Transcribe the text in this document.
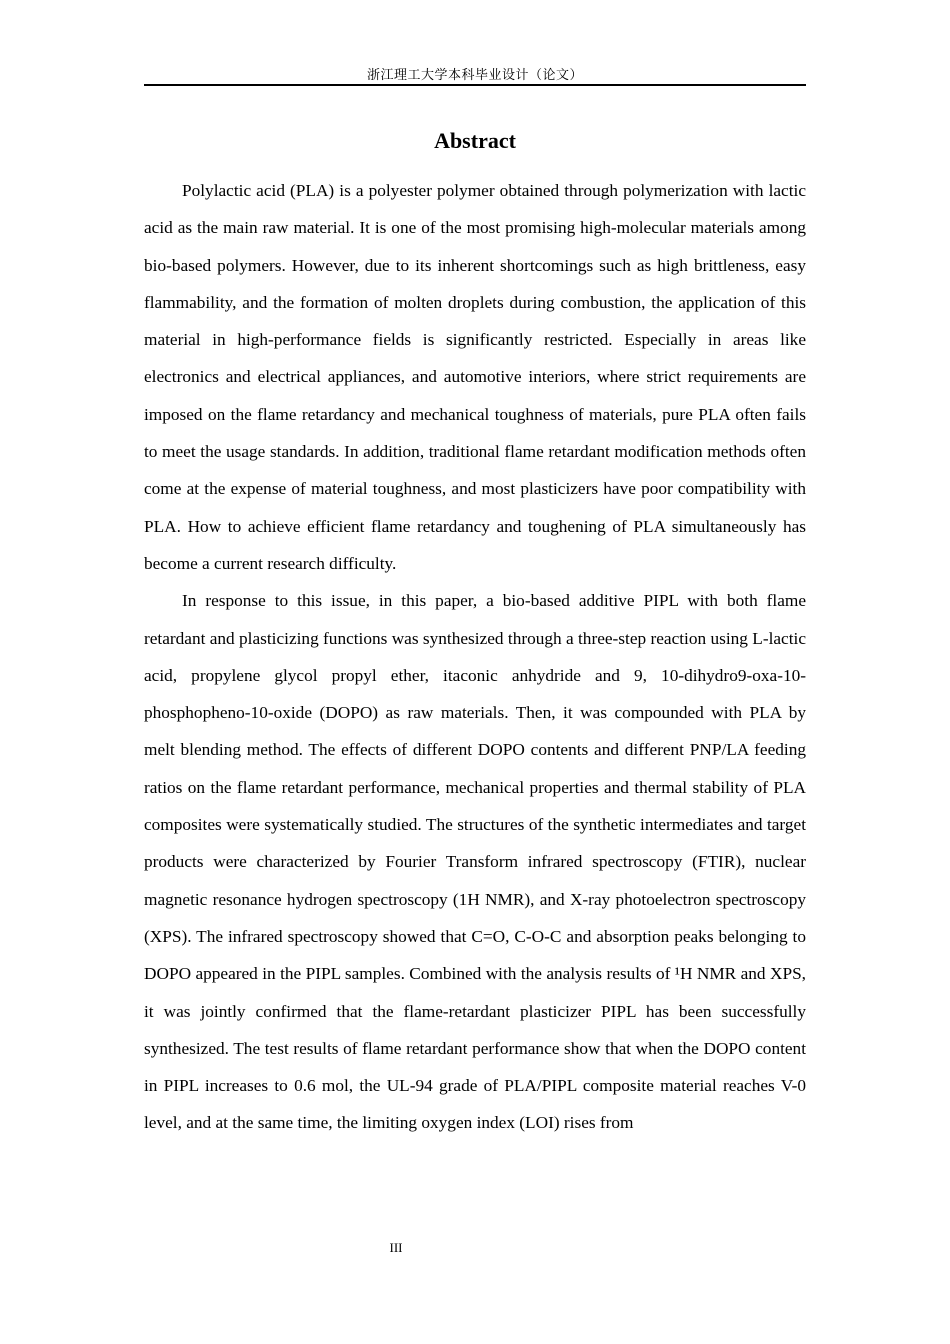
浙江理工大学本科毕业设计（论文）
Abstract

Polylactic acid (PLA) is a polyester polymer obtained through polymerization with lactic acid as the main raw material. It is one of the most promising high-molecular materials among bio-based polymers. However, due to its inherent shortcomings such as high brittleness, easy flammability, and the formation of molten droplets during combustion, the application of this material in high-performance fields is significantly restricted. Especially in areas like electronics and electrical appliances, and automotive interiors, where strict requirements are imposed on the flame retardancy and mechanical toughness of materials, pure PLA often fails to meet the usage standards. In addition, traditional flame retardant modification methods often come at the expense of material toughness, and most plasticizers have poor compatibility with PLA. How to achieve efficient flame retardancy and toughening of PLA simultaneously has become a current research difficulty.

In response to this issue, in this paper, a bio-based additive PIPL with both flame retardant and plasticizing functions was synthesized through a three-step reaction using L-lactic acid, propylene glycol propyl ether, itaconic anhydride and 9, 10-dihydro9-oxa-10-phosphopheno-10-oxide (DOPO) as raw materials. Then, it was compounded with PLA by melt blending method. The effects of different DOPO contents and different PNP/LA feeding ratios on the flame retardant performance, mechanical properties and thermal stability of PLA composites were systematically studied. The structures of the synthetic intermediates and target products were characterized by Fourier Transform infrared spectroscopy (FTIR), nuclear magnetic resonance hydrogen spectroscopy (1H NMR), and X-ray photoelectron spectroscopy (XPS). The infrared spectroscopy showed that C=O, C-O-C and absorption peaks belonging to DOPO appeared in the PIPL samples. Combined with the analysis results of ¹H NMR and XPS, it was jointly confirmed that the flame-retardant plasticizer PIPL has been successfully synthesized. The test results of flame retardant performance show that when the DOPO content in PIPL increases to 0.6 mol, the UL-94 grade of PLA/PIPL composite material reaches V-0 level, and at the same time, the limiting oxygen index (LOI) rises from

III
